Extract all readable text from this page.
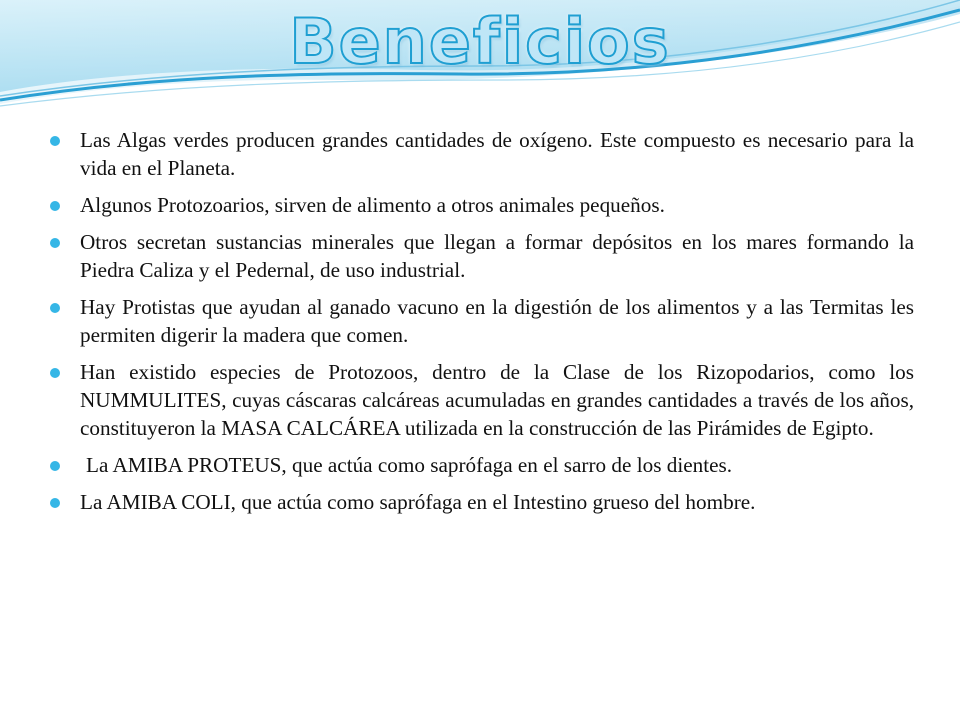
Beneficios
Las Algas verdes producen grandes cantidades de oxígeno. Este compuesto es necesario para la vida en el Planeta.
Algunos Protozoarios, sirven de alimento a otros animales pequeños.
Otros secretan sustancias minerales que llegan a formar depósitos en los mares formando la Piedra Caliza y el Pedernal, de uso industrial.
Hay Protistas que ayudan al ganado vacuno en la digestión de los alimentos y a las Termitas les permiten digerir la madera que comen.
Han existido especies de Protozoos, dentro de la Clase de los Rizopodarios, como los NUMMULITES, cuyas cáscaras calcáreas acumuladas en grandes cantidades a través de los años, constituyeron la MASA CALCÁREA utilizada en la construcción de las Pirámides de Egipto.
La AMIBA PROTEUS, que actúa como saprófaga en el sarro de los dientes.
La AMIBA COLI, que actúa como saprófaga en el Intestino grueso del hombre.
